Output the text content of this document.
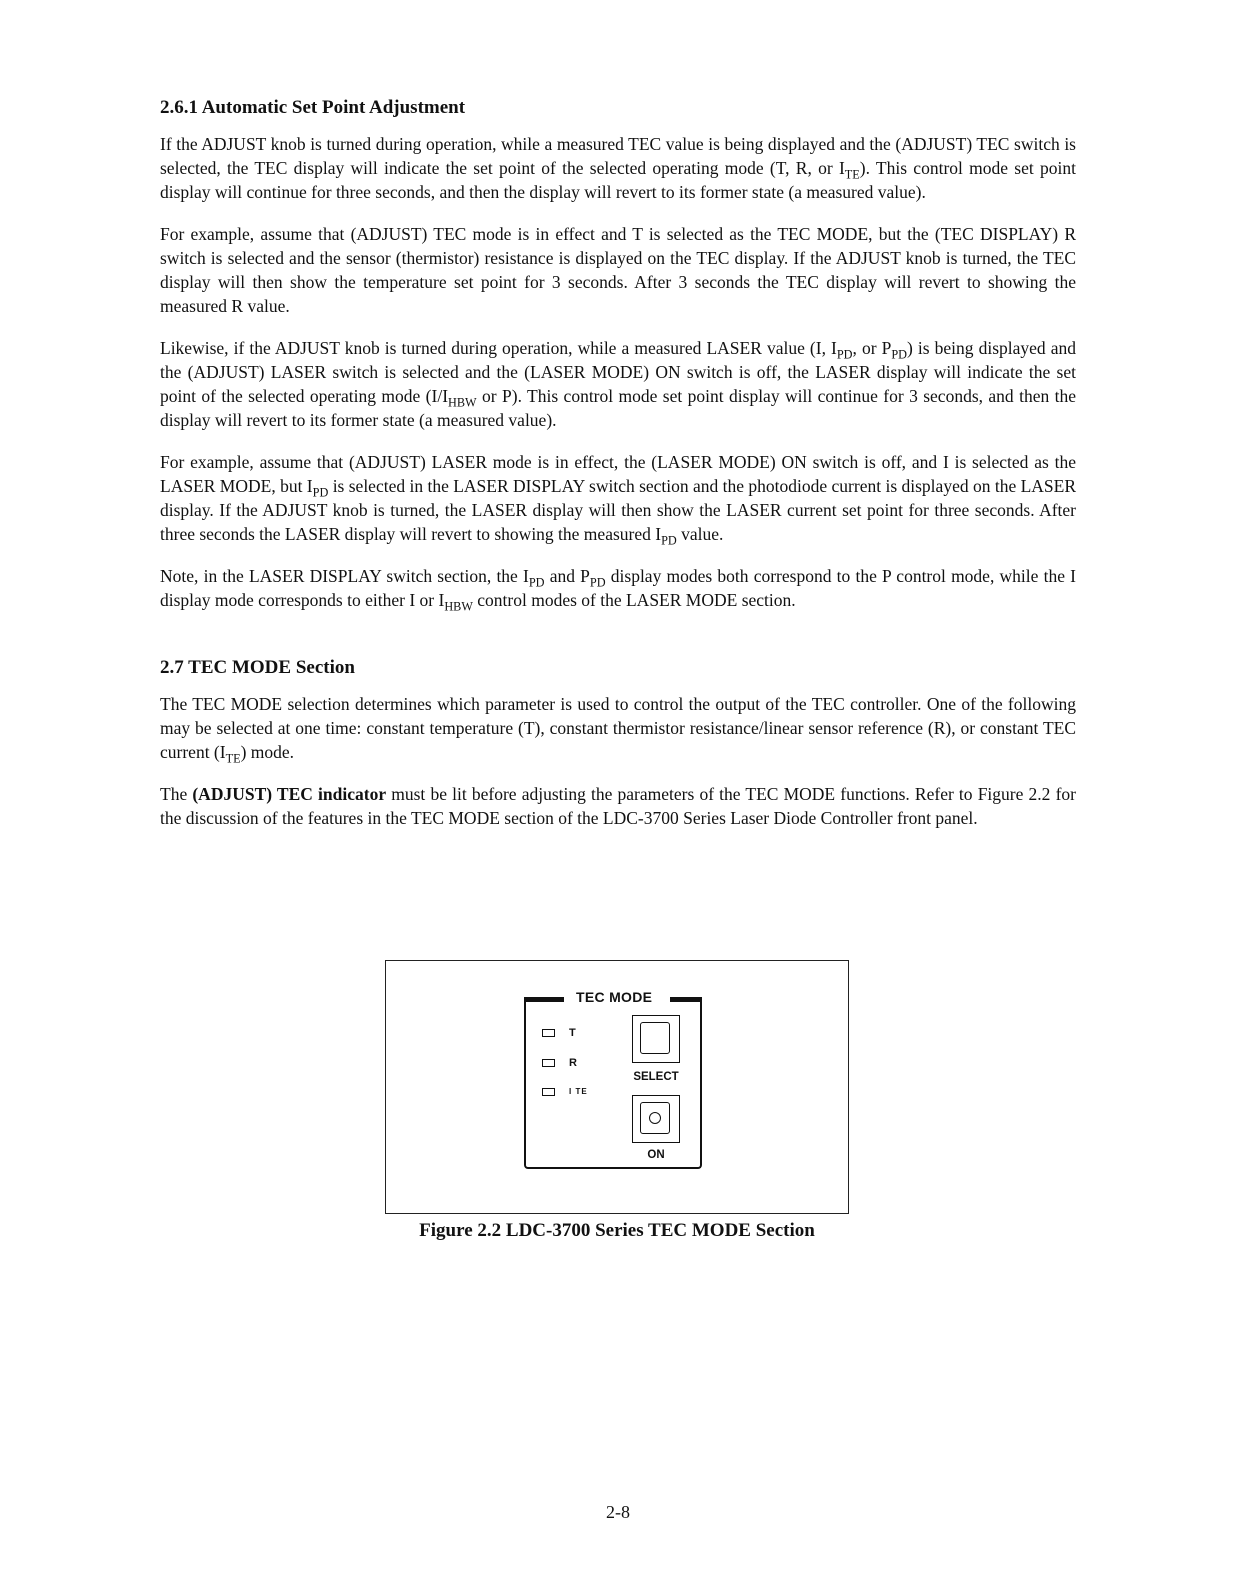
2.6.1 Automatic Set Point Adjustment

If the ADJUST knob is turned during operation, while a measured TEC value is being displayed and the (ADJUST) TEC switch is selected, the TEC display will indicate the set point of the selected operating mode (T, R, or $I_{TE}$). This control mode set point display will continue for three seconds, and then the display will revert to its former state (a measured value).

For example, assume that (ADJUST) TEC mode is in effect and T is selected as the TEC MODE, but the (TEC DISPLAY) R switch is selected and the sensor (thermistor) resistance is displayed on the TEC display. If the ADJUST knob is turned, the TEC display will then show the temperature set point for 3 seconds. After 3 seconds the TEC display will revert to showing the measured R value.

Likewise, if the ADJUST knob is turned during operation, while a measured LASER value (I, $I_{PD}$, or $P_{PD}$) is being displayed and the (ADJUST) LASER switch is selected and the (LASER MODE) ON switch is off, the LASER display will indicate the set point of the selected operating mode ($I/I_{HBW}$ or P). This control mode set point display will continue for 3 seconds, and then the display will revert to its former state (a measured value).

For example, assume that (ADJUST) LASER mode is in effect, the (LASER MODE) ON switch is off, and I is selected as the LASER MODE, but $I_{PD}$ is selected in the LASER DISPLAY switch section and the photodiode current is displayed on the LASER display. If the ADJUST knob is turned, the LASER display will then show the LASER current set point for three seconds. After three seconds the LASER display will revert to showing the measured $I_{PD}$ value.

Note, in the LASER DISPLAY switch section, the $I_{PD}$ and $P_{PD}$ display modes both correspond to the P control mode, while the I display mode corresponds to either I or $I_{HBW}$ control modes of the LASER MODE section.

2.7 TEC MODE Section

The TEC MODE selection determines which parameter is used to control the output of the TEC controller. One of the following may be selected at one time: constant temperature (T), constant thermistor resistance/linear sensor reference (R), or constant TEC current $(I_{TE})$ mode.

The (ADJUST) TEC indicator must be lit before adjusting the parameters of the TEC MODE functions. Refer to Figure 2.2 for the discussion of the features in the TEC MODE section of the LDC-3700 Series Laser Diode Controller front panel.

TEC MODE
T
R
I TE
SELECT
ON
Figure 2.2 LDC-3700 Series TEC MODE Section
2-8
